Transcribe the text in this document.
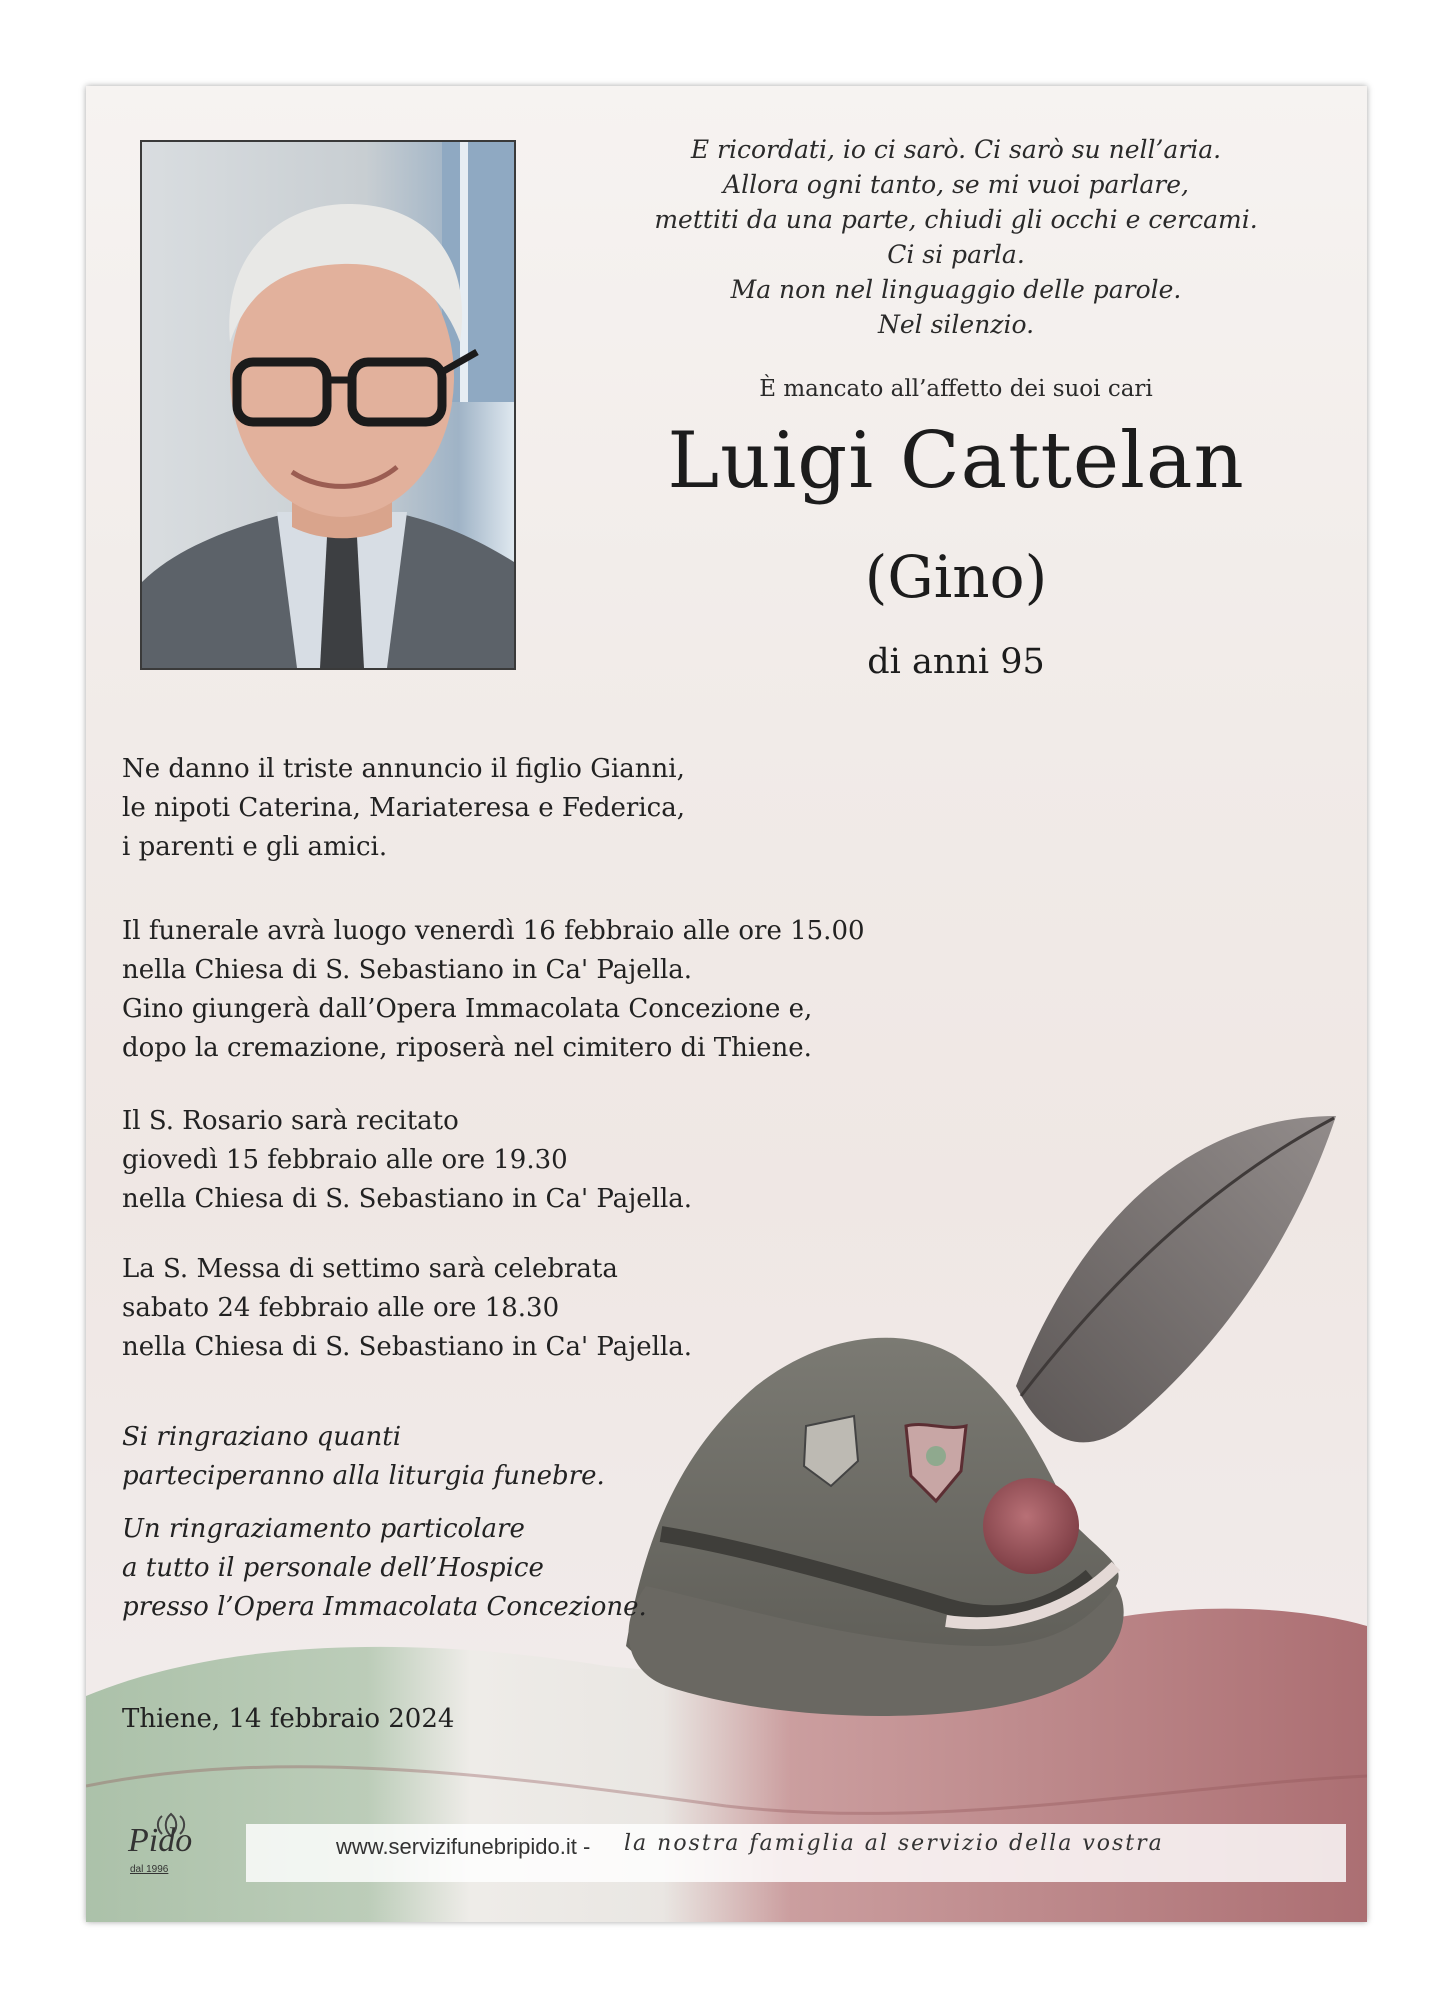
E ricordati, io ci sarò. Ci sarò su nell’aria.
Allora ogni tanto, se mi vuoi parlare,
mettiti da una parte, chiudi gli occhi e cercami.
Ci si parla.
Ma non nel linguaggio delle parole.
Nel silenzio.
È mancato all’affetto dei suoi cari
Luigi Cattelan
(Gino)
di anni 95
Ne danno il triste annuncio il figlio Gianni,
le nipoti Caterina, Mariateresa e Federica,
i parenti e gli amici.
Il funerale avrà luogo venerdì 16 febbraio alle ore 15.00
nella Chiesa di S. Sebastiano in Ca' Pajella.
Gino giungerà dall’Opera Immacolata Concezione e,
dopo la cremazione, riposerà nel cimitero di Thiene.
Il S. Rosario sarà recitato
giovedì 15 febbraio alle ore 19.30
nella Chiesa di S. Sebastiano in Ca' Pajella.
La S. Messa di settimo sarà celebrata
sabato 24 febbraio alle ore 18.30
nella Chiesa di S. Sebastiano in Ca' Pajella.
Si ringraziano quanti
parteciperanno alla liturgia funebre.
Un ringraziamento particolare
a tutto il personale dell’Hospice
presso l’Opera Immacolata Concezione.
Thiene, 14 febbraio 2024
Pido
dal 1996
www.servizifunebripido.it - la nostra famiglia al servizio della vostra
